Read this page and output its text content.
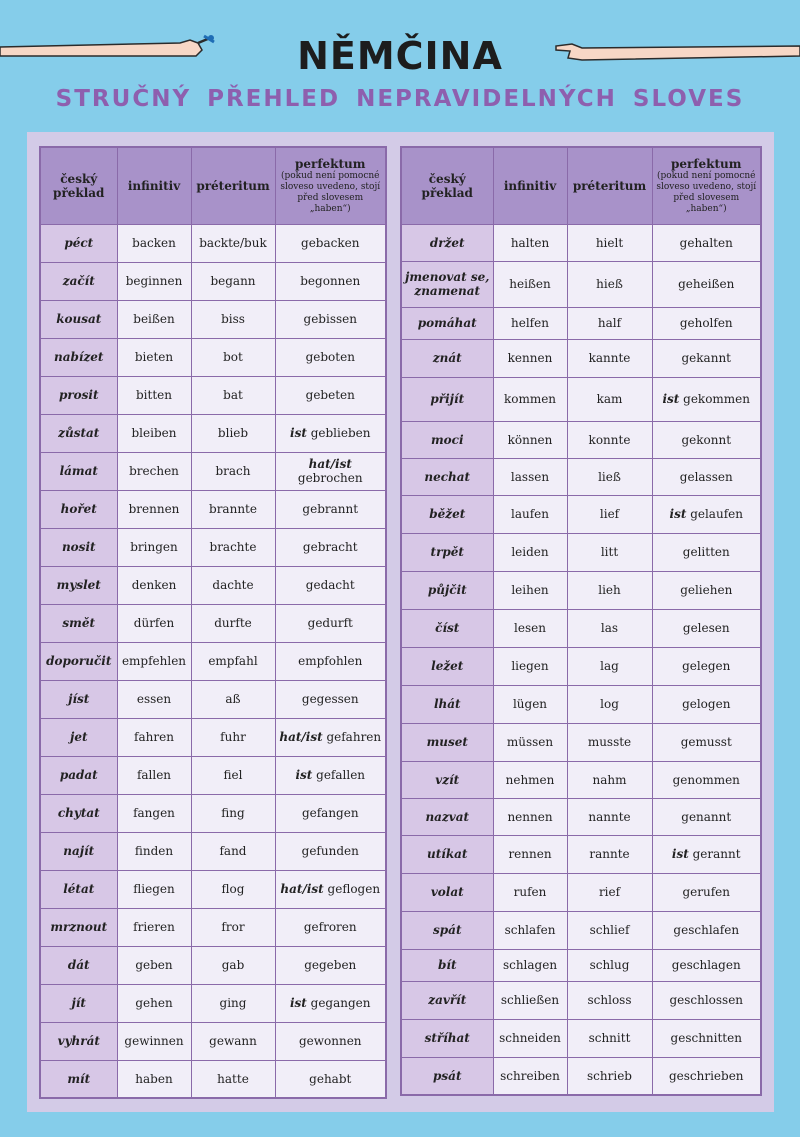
NĚMČINA
STRUČNÝ PŘEHLED NEPRAVIDELNÝCH SLOVES
český překlad	infinitiv	préteritum	perfektum
(pokud není pomocné sloveso uvedeno, stojí před slovesem „haben“)

péct	backen	backte/buk	gebacken
začít	beginnen	begann	begonnen
kousat	beißen	biss	gebissen
nabízet	bieten	bot	geboten
prosit	bitten	bat	gebeten
zůstat	bleiben	blieb	ist geblieben
lámat	brechen	brach	hat/ist gebrochen
hořet	brennen	brannte	gebrannt
nosit	bringen	brachte	gebracht
myslet	denken	dachte	gedacht
smět	dürfen	durfte	gedurft
doporučit	empfehlen	empfahl	empfohlen
jíst	essen	aß	gegessen
jet	fahren	fuhr	hat/ist gefahren
padat	fallen	fiel	ist gefallen
chytat	fangen	fing	gefangen
najít	finden	fand	gefunden
létat	fliegen	flog	hat/ist geflogen
mrznout	frieren	fror	gefroren
dát	geben	gab	gegeben
jít	gehen	ging	ist gegangen
vyhrát	gewinnen	gewann	gewonnen
mít	haben	hatte	gehabt
český překlad	infinitiv	préteritum	perfektum
(pokud není pomocné sloveso uvedeno, stojí před slovesem „haben“)

držet	halten	hielt	gehalten
jmenovat se, znamenat	heißen	hieß	geheißen
pomáhat	helfen	half	geholfen
znát	kennen	kannte	gekannt
přijít	kommen	kam	ist gekommen
moci	können	konnte	gekonnt
nechat	lassen	ließ	gelassen
běžet	laufen	lief	ist gelaufen
trpět	leiden	litt	gelitten
půjčit	leihen	lieh	geliehen
číst	lesen	las	gelesen
ležet	liegen	lag	gelegen
lhát	lügen	log	gelogen
muset	müssen	musste	gemusst
vzít	nehmen	nahm	genommen
nazvat	nennen	nannte	genannt
utíkat	rennen	rannte	ist gerannt
volat	rufen	rief	gerufen
spát	schlafen	schlief	geschlafen
bít	schlagen	schlug	geschlagen
zavřít	schließen	schloss	geschlossen
stříhat	schneiden	schnitt	geschnitten
psát	schreiben	schrieb	geschrieben
